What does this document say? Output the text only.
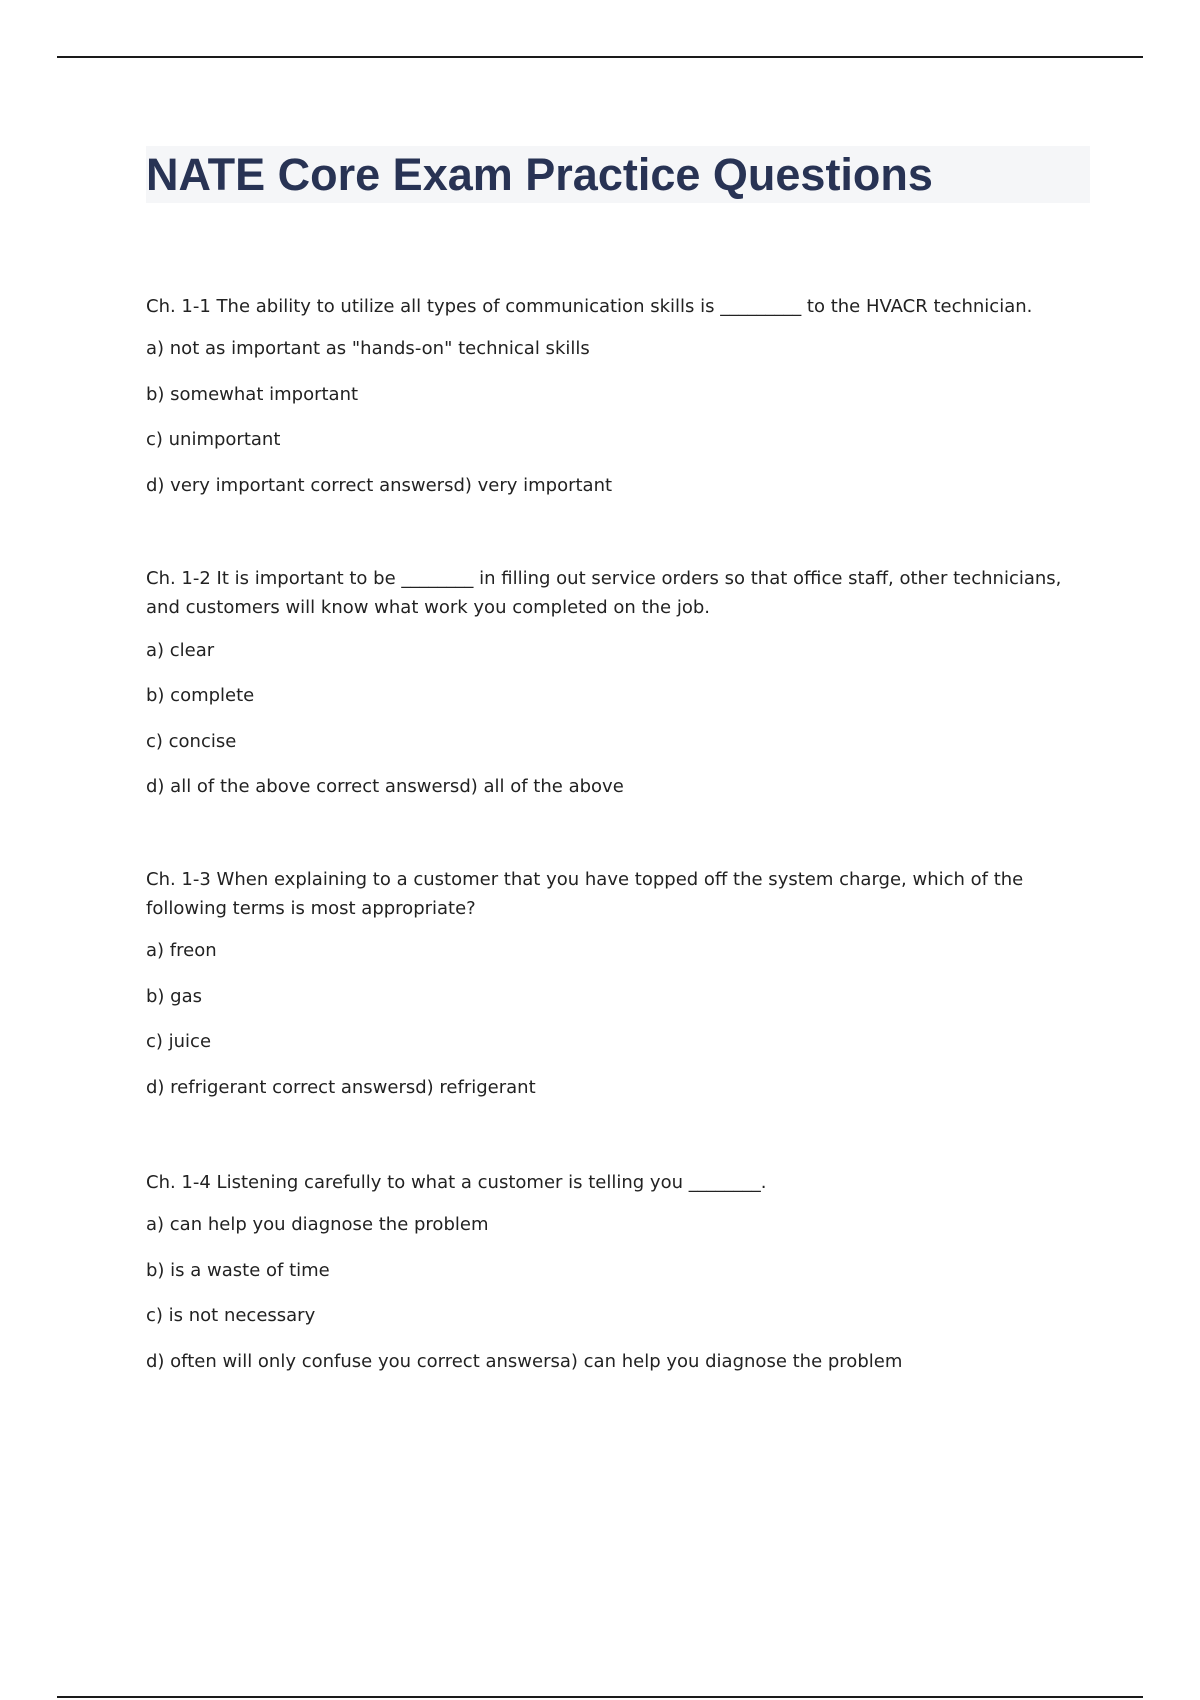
NATE Core Exam Practice Questions

Ch. 1-1 The ability to utilize all types of communication skills is _________ to the HVACR technician.

a) not as important as "hands-on" technical skills

b) somewhat important

c) unimportant

d) very important correct answersd) very important

Ch. 1-2 It is important to be ________ in filling out service orders so that office staff, other technicians, and customers will know what work you completed on the job.

a) clear

b) complete

c) concise

d) all of the above correct answersd) all of the above

Ch. 1-3 When explaining to a customer that you have topped off the system charge, which of the following terms is most appropriate?

a) freon

b) gas

c) juice

d) refrigerant correct answersd) refrigerant

Ch. 1-4 Listening carefully to what a customer is telling you ________.

a) can help you diagnose the problem

b) is a waste of time

c) is not necessary

d) often will only confuse you correct answersa) can help you diagnose the problem
